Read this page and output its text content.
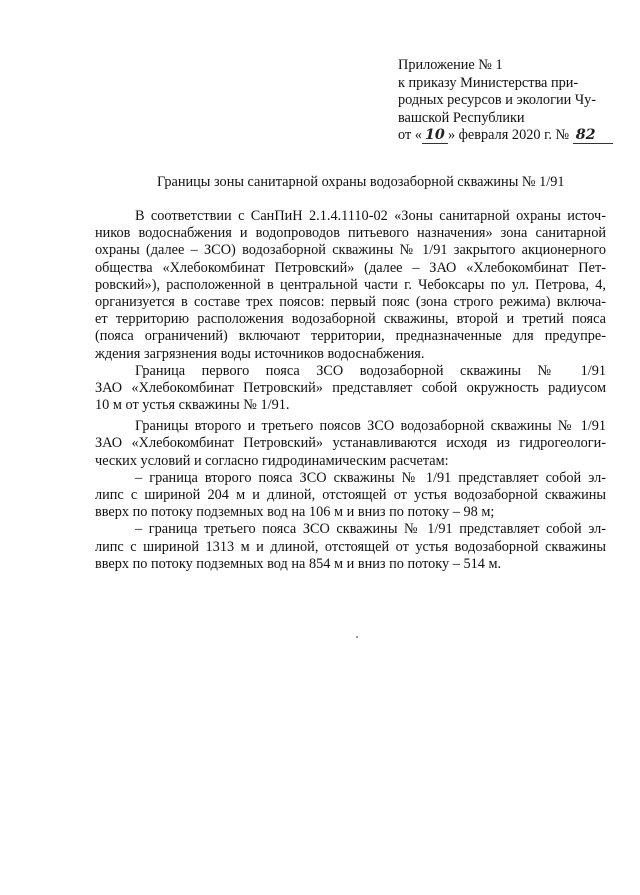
Приложение № 1
к приказу Министерства при-
родных ресурсов и экологии Чу-
вашской Республики
от « 10 » февраля 2020 г. № 82
Границы зоны санитарной охраны водозаборной скважины № 1/91
В соответствии с СанПиН 2.1.4.1110-02 «Зоны санитарной охраны источ-
ников водоснабжения и водопроводов питьевого назначения» зона санитарной
охраны (далее – ЗСО) водозаборной скважины № 1/91 закрытого акционерного
общества «Хлебокомбинат Петровский» (далее – ЗАО «Хлебокомбинат Пет-
ровский»), расположенной в центральной части г. Чебоксары по ул. Петрова, 4,
организуется в составе трех поясов: первый пояс (зона строго режима) включа-
ет территорию расположения водозаборной скважины, второй и третий пояса
(пояса ограничений) включают территории, предназначенные для предупре-
ждения загрязнения воды источников водоснабжения.
Граница первого пояса ЗСО водозаборной скважины № 1/91
ЗАО «Хлебокомбинат Петровский» представляет собой окружность радиусом
10 м от устья скважины № 1/91.
Границы второго и третьего поясов ЗСО водозаборной скважины № 1/91
ЗАО «Хлебокомбинат Петровский» устанавливаются исходя из гидрогеологи-
ческих условий и согласно гидродинамическим расчетам:
– граница второго пояса ЗСО скважины № 1/91 представляет собой эл-
липс с шириной 204 м и длиной, отстоящей от устья водозаборной скважины
вверх по потоку подземных вод на 106 м и вниз по потоку – 98 м;
– граница третьего пояса ЗСО скважины № 1/91 представляет собой эл-
липс с шириной 1313 м и длиной, отстоящей от устья водозаборной скважины
вверх по потоку подземных вод на 854 м и вниз по потоку – 514 м.
